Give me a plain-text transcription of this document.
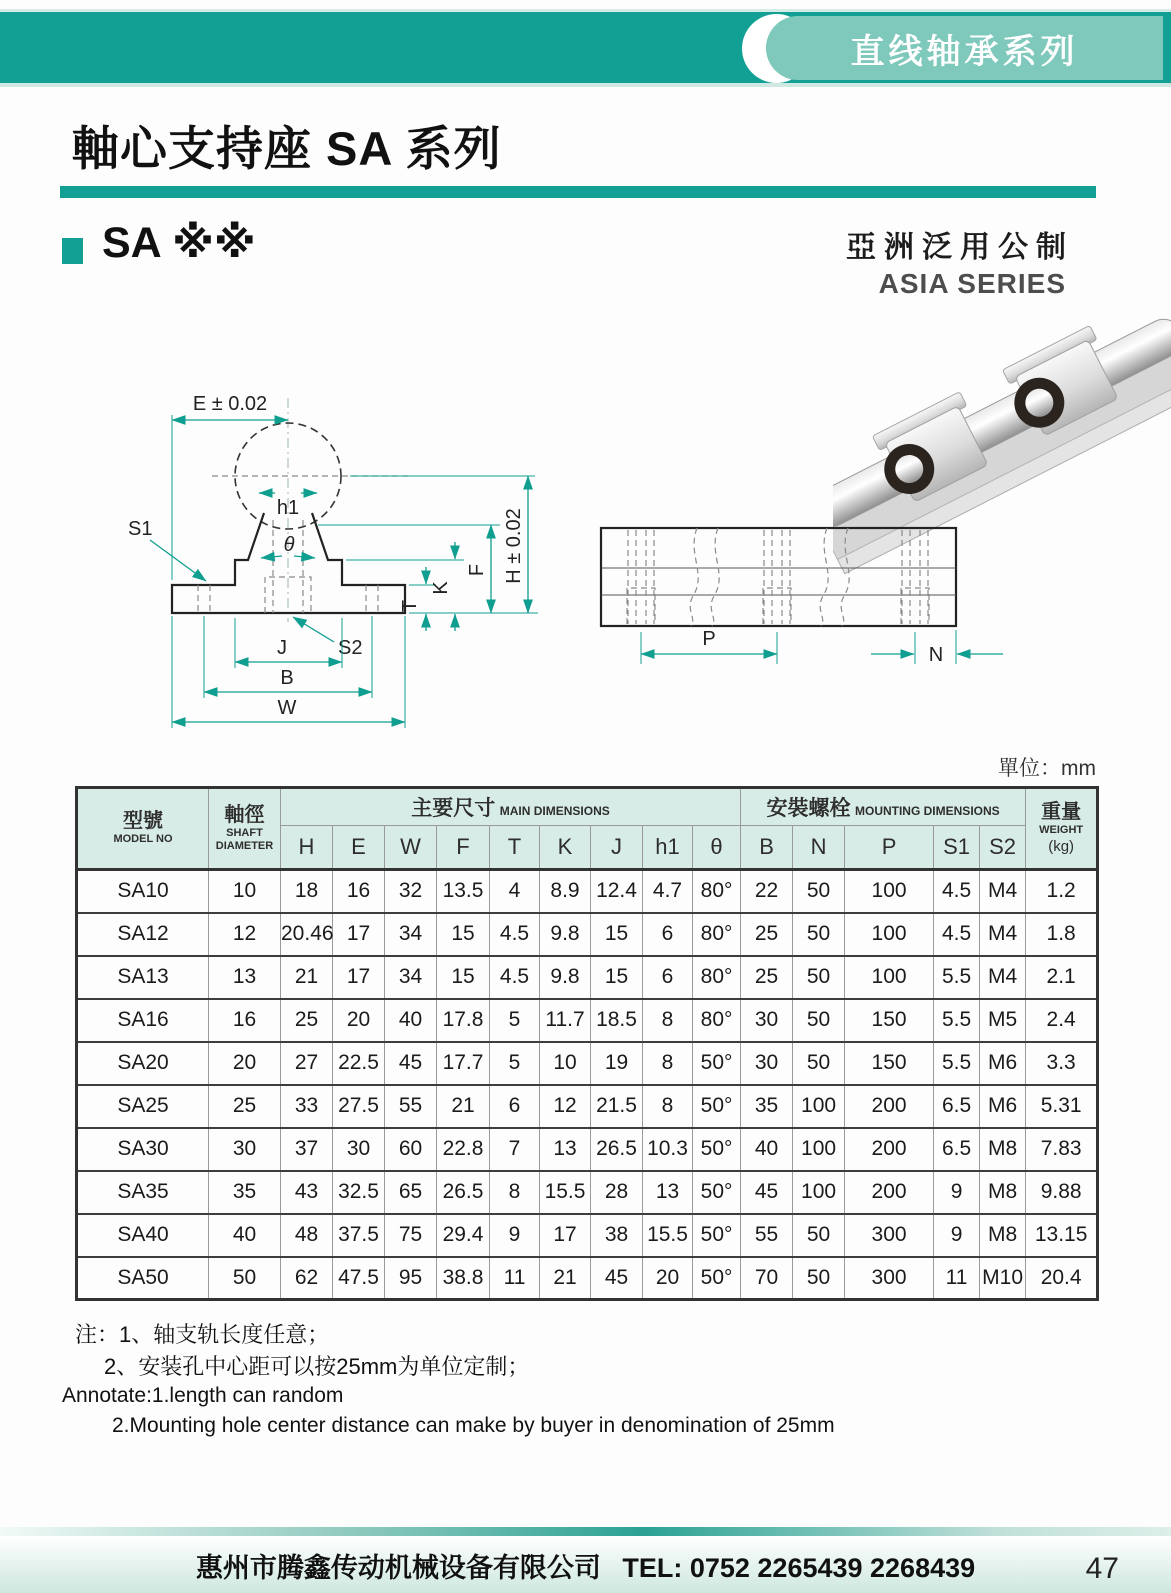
直线轴承系列
軸心支持座 SA 系列
SA ※※	亞洲泛用公制
ASIA SERIES
E ± 0.02
h1
S1
θ
T
K
F H ± 0.02
S2
J
B
W
P
N
單位：mm
型號
MODEL NO	軸徑
SHAFT
DIAMETER	主要尺寸 MAIN DIMENSIONS									安裝螺栓 MOUNTING DIMENSIONS					重量
WEIGHT
(kg)

		H	E	W	F	T	K	J	h1	θ	B	N	P	S1	S2	
SA10	10	18	16	32	13.5	4	8.9	12.4	4.7	80°	22	50	100	4.5	M4	1.2
SA12	12	20.46	17	34	15	4.5	9.8	15	6	80°	25	50	100	4.5	M4	1.8
SA13	13	21	17	34	15	4.5	9.8	15	6	80°	25	50	100	5.5	M4	2.1
SA16	16	25	20	40	17.8	5	11.7	18.5	8	80°	30	50	150	5.5	M5	2.4
SA20	20	27	22.5	45	17.7	5	10	19	8	50°	30	50	150	5.5	M6	3.3
SA25	25	33	27.5	55	21	6	12	21.5	8	50°	35	100	200	6.5	M6	5.31
SA30	30	37	30	60	22.8	7	13	26.5	10.3	50°	40	100	200	6.5	M8	7.83
SA35	35	43	32.5	65	26.5	8	15.5	28	13	50°	45	100	200	9	M8	9.88
SA40	40	48	37.5	75	29.4	9	17	38	15.5	50°	55	50	300	9	M8	13.15
SA50	50	62	47.5	95	38.8	11	21	45	20	50°	70	50	300	11	M10	20.4
注：1、轴支轨长度任意；
2、安装孔中心距可以按25mm为单位定制；
Annotate:1.length can random
2.Mounting hole center distance can make by buyer in denomination of 25mm
惠州市腾鑫传动机械设备有限公司 TEL: 0752 2265439 2268439	47
